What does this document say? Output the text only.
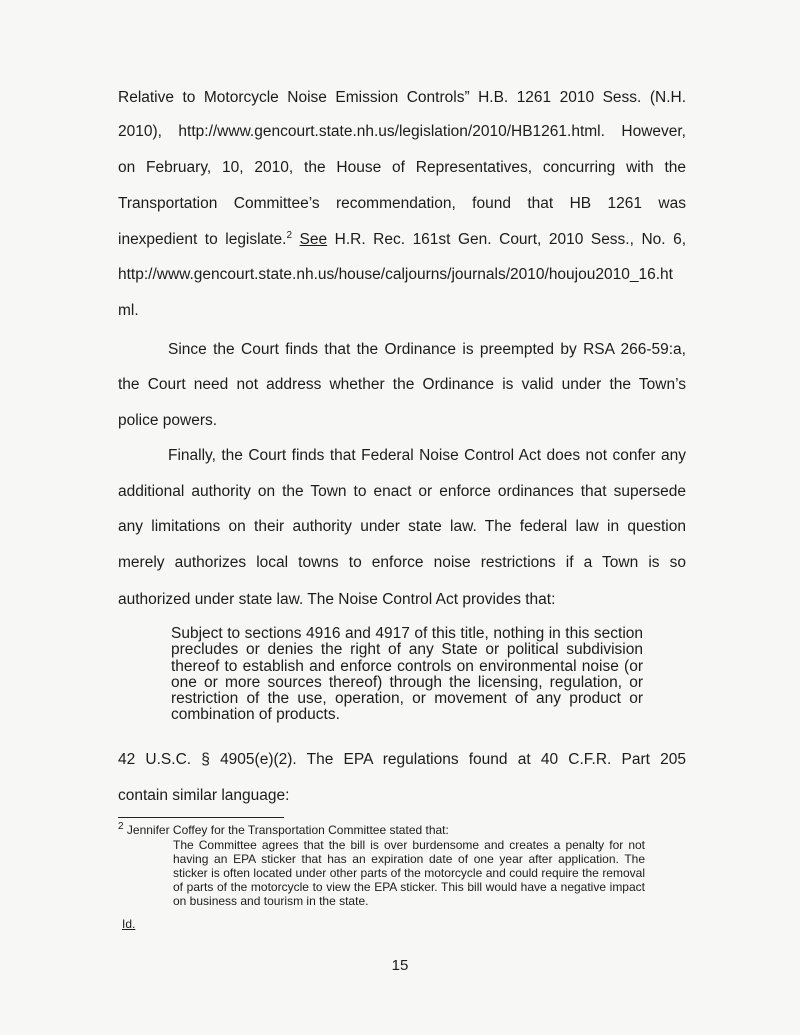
Relative to Motorcycle Noise Emission Controls” H.B. 1261 2010 Sess. (N.H.
2010), http://www.gencourt.state.nh.us/legislation/2010/HB1261.html. However,
on February, 10, 2010, the House of Representatives, concurring with the
Transportation Committee’s recommendation, found that HB 1261 was
inexpedient to legislate.$^2$ See H.R. Rec. 161st Gen. Court, 2010 Sess., No. 6,
http://www.gencourt.state.nh.us/house/caljourns/journals/2010/houjou2010_16.ht
ml.
Since the Court finds that the Ordinance is preempted by RSA 266-59:a,
the Court need not address whether the Ordinance is valid under the Town’s
police powers.
Finally, the Court finds that Federal Noise Control Act does not confer any
additional authority on the Town to enact or enforce ordinances that supersede
any limitations on their authority under state law. The federal law in question
merely authorizes local towns to enforce noise restrictions if a Town is so
authorized under state law. The Noise Control Act provides that:
Subject to sections 4916 and 4917 of this title, nothing in this section precludes or denies the right of any State or political subdivision thereof to establish and enforce controls on environmental noise (or one or more sources thereof) through the licensing, regulation, or restriction of the use, operation, or movement of any product or combination of products.
42 U.S.C. § 4905(e)(2). The EPA regulations found at 40 C.F.R. Part 205
contain similar language:
$^2$ Jennifer Coffey for the Transportation Committee stated that:
The Committee agrees that the bill is over burdensome and creates a penalty for not having an EPA sticker that has an expiration date of one year after application. The sticker is often located under other parts of the motorcycle and could require the removal of parts of the motorcycle to view the EPA sticker. This bill would have a negative impact on business and tourism in the state.
Id.
15
